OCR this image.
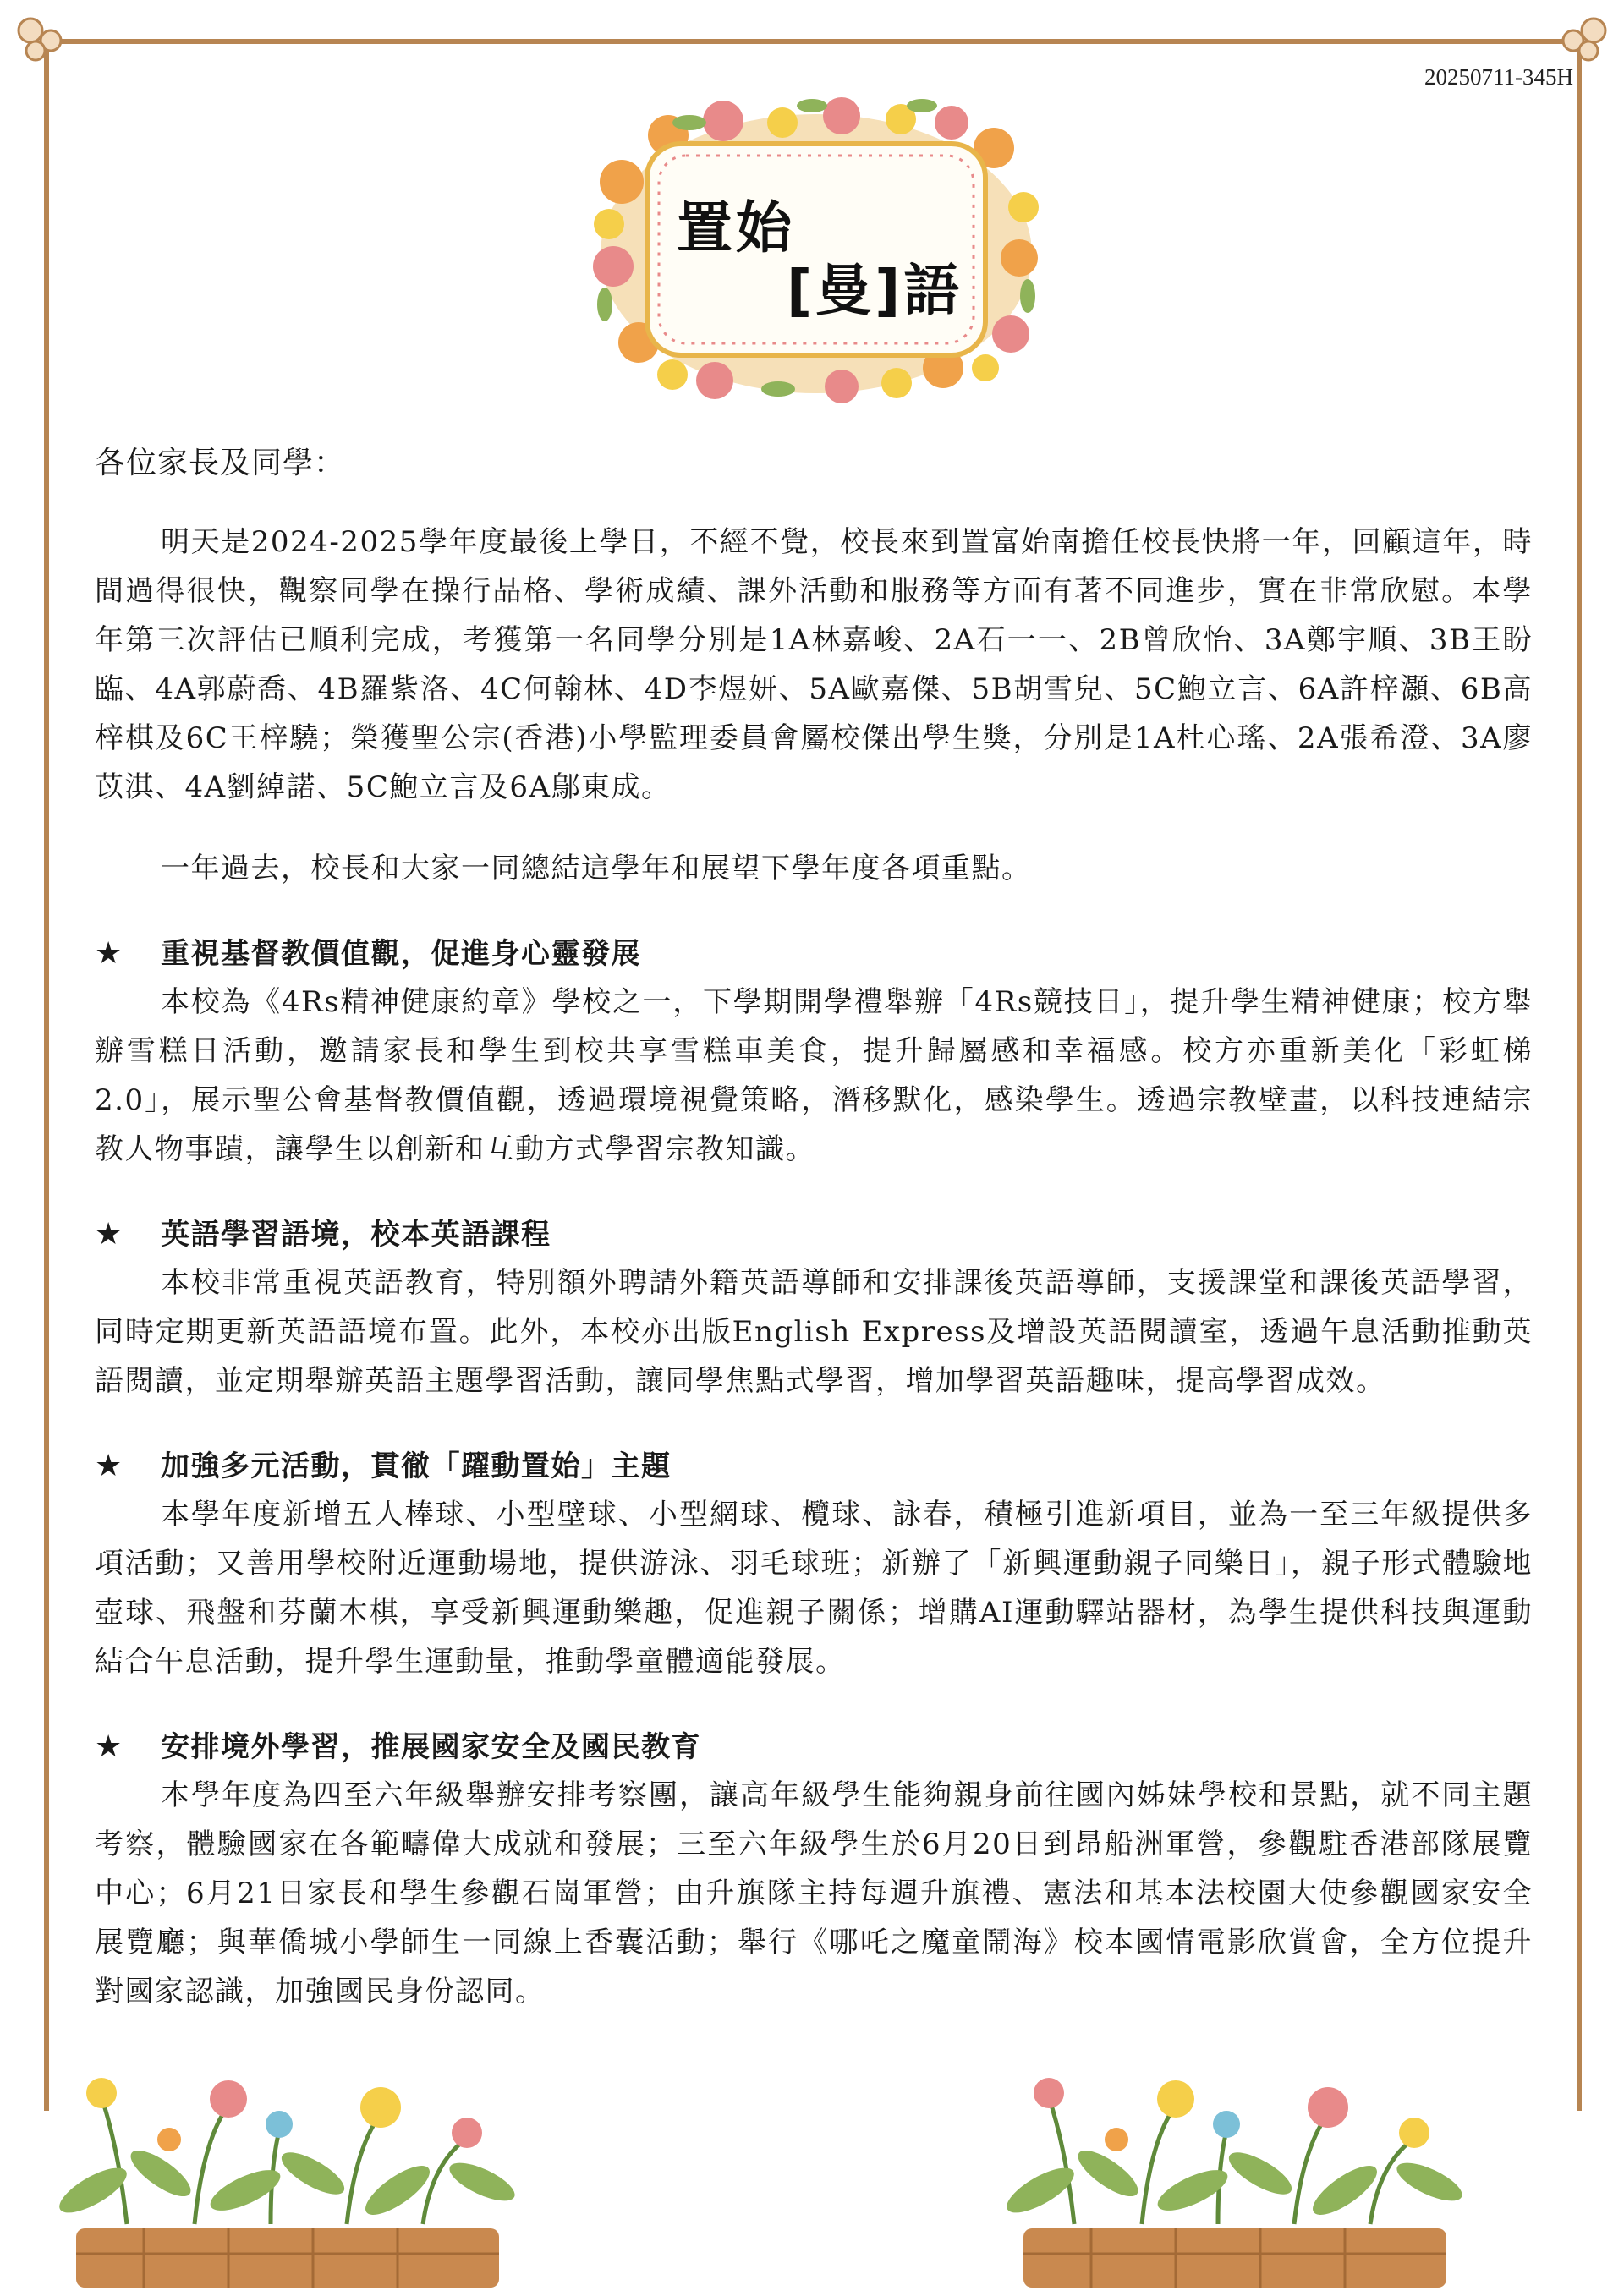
20250711-345H
置始
[曼]語

各位家長及同學：

明天是2024-2025學年度最後上學日，不經不覺，校長來到置富始南擔任校長快將一年，回顧這年，時間過得很快，觀察同學在操行品格、學術成績、課外活動和服務等方面有著不同進步，實在非常欣慰。本學年第三次評估已順利完成，考獲第一名同學分別是1A林嘉峻、2A石一一、2B曾欣怡、3A鄭宇順、3B王盼臨、4A郭蔚喬、4B羅紫洛、4C何翰林、4D李煜妍、5A歐嘉傑、5B胡雪兒、5C鮑立言、6A許梓灝、6B高梓棋及6C王梓驍；榮獲聖公宗(香港)小學監理委員會屬校傑出學生獎，分別是1A杜心瑤、2A張希澄、3A廖苡淇、4A劉綽諾、5C鮑立言及6A鄔東成。

一年過去，校長和大家一同總結這學年和展望下學年度各項重點。

★	重視基督教價值觀，促進身心靈發展

本校為《4Rs精神健康約章》學校之一，下學期開學禮舉辦「4Rs競技日」，提升學生精神健康；校方舉辦雪糕日活動，邀請家長和學生到校共享雪糕車美食，提升歸屬感和幸福感。校方亦重新美化「彩虹梯2.0」，展示聖公會基督教價值觀，透過環境視覺策略，潛移默化，感染學生。透過宗教壁畫，以科技連結宗教人物事蹟，讓學生以創新和互動方式學習宗教知識。

★	英語學習語境，校本英語課程

本校非常重視英語教育，特別額外聘請外籍英語導師和安排課後英語導師，支援課堂和課後英語學習，同時定期更新英語語境布置。此外，本校亦出版English Express及增設英語閱讀室，透過午息活動推動英語閱讀，並定期舉辦英語主題學習活動，讓同學焦點式學習，增加學習英語趣味，提高學習成效。

★	加強多元活動，貫徹「躍動置始」主題

本學年度新增五人棒球、小型壁球、小型網球、欖球、詠春，積極引進新項目，並為一至三年級提供多項活動；又善用學校附近運動場地，提供游泳、羽毛球班；新辦了「新興運動親子同樂日」，親子形式體驗地壺球、飛盤和芬蘭木棋，享受新興運動樂趣，促進親子關係；增購AI運動驛站器材，為學生提供科技與運動結合午息活動，提升學生運動量，推動學童體適能發展。

★	安排境外學習，推展國家安全及國民教育

本學年度為四至六年級舉辦安排考察團，讓高年級學生能夠親身前往國內姊妹學校和景點，就不同主題考察，體驗國家在各範疇偉大成就和發展；三至六年級學生於6月20日到昂船洲軍營，參觀駐香港部隊展覽中心；6月21日家長和學生參觀石崗軍營；由升旗隊主持每週升旗禮、憲法和基本法校園大使參觀國家安全展覽廳；與華僑城小學師生一同線上香囊活動；舉行《哪吒之魔童鬧海》校本國情電影欣賞會，全方位提升對國家認識，加強國民身份認同。
